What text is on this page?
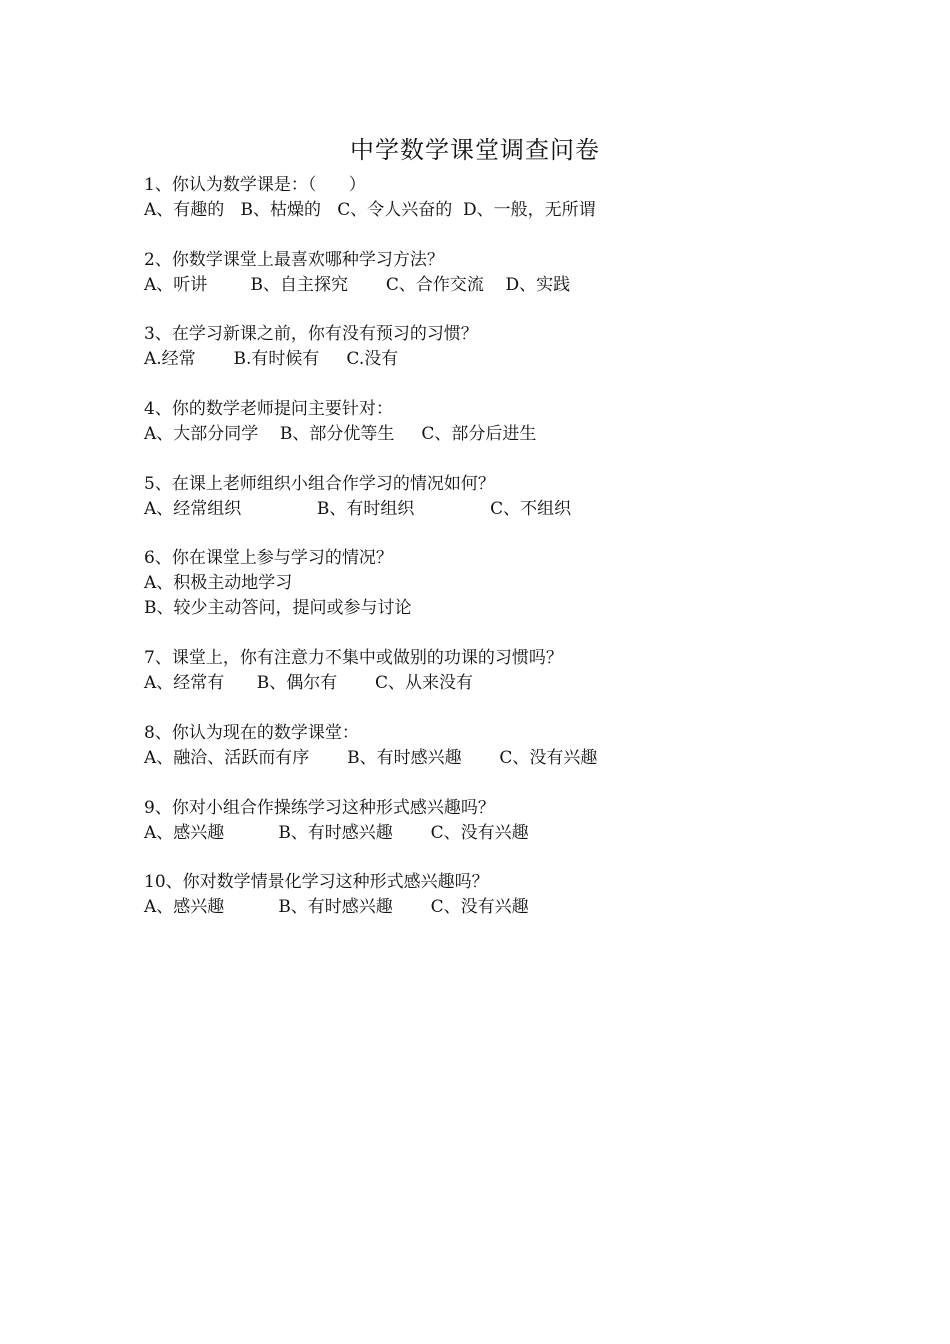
中学数学课堂调查问卷
1、你认为数学课是：（      ）
A、有趣的   B、枯燥的   C、令人兴奋的  D、一般，无所谓
2、你数学课堂上最喜欢哪种学习方法？
A、听讲        B、自主探究       C、合作交流    D、实践
3、在学习新课之前，你有没有预习的习惯？
A.经常       B.有时候有     C.没有
4、你的数学老师提问主要针对：
A、大部分同学    B、部分优等生     C、部分后进生
5、在课上老师组织小组合作学习的情况如何？
A、经常组织              B、有时组织              C、不组织
6、你在课堂上参与学习的情况？
A、积极主动地学习
B、较少主动答问，提问或参与讨论
7、课堂上，你有注意力不集中或做别的功课的习惯吗？
A、经常有      B、偶尔有       C、从来没有
8、你认为现在的数学课堂：
A、融洽、活跃而有序       B、有时感兴趣       C、没有兴趣
9、你对小组合作操练学习这种形式感兴趣吗？
A、感兴趣          B、有时感兴趣       C、没有兴趣
10、你对数学情景化学习这种形式感兴趣吗？
A、感兴趣          B、有时感兴趣       C、没有兴趣
